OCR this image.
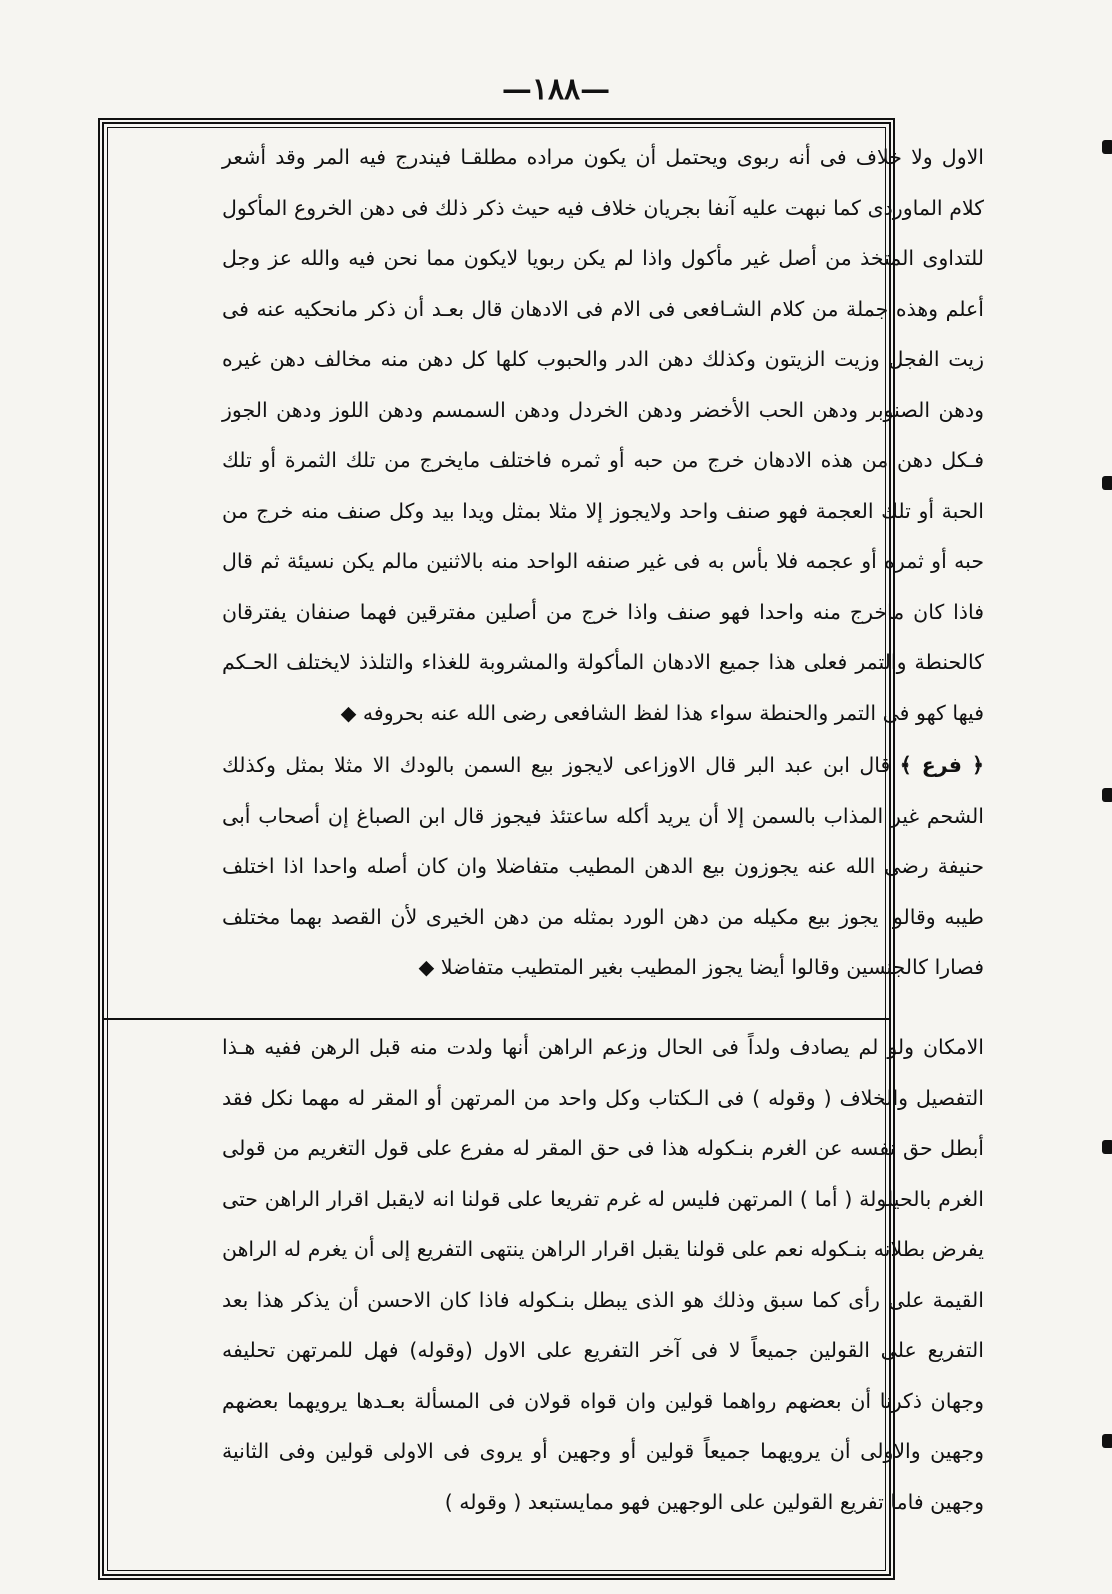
—١٨٨—

الاول ولا خلاف فى أنه ربوى ويحتمل أن يكون مراده مطلقـا فيندرج فيه المر وقد أشعر كلام الماوردى كما نبهت عليه آنفا بجريان خلاف فيه حيث ذكر ذلك فى دهن الخروع المأكول للتداوى المتخذ من أصل غير مأكول واذا لم يكن ربويا لايكون مما نحن فيه والله عز وجل أعلم وهذه جملة من كلام الشـافعى فى الام فى الادهان قال بعـد أن ذكر مانحكيه عنه فى زيت الفجل وزيت الزيتون وكذلك دهن الدر والحبوب كلها كل دهن منه مخالف دهن غيره ودهن الصنوبر ودهن الحب الأخضر ودهن الخردل ودهن السمسم ودهن اللوز ودهن الجوز فـكل دهن من هذه الادهان خرج من حبه أو ثمره فاختلف مايخرج من تلك الثمرة أو تلك الحبة أو تلك العجمة فهو صنف واحد ولايجوز إلا مثلا بمثل ويدا بيد وكل صنف منه خرج من حبه أو ثمره أو عجمه فلا بأس به فى غير صنفه الواحد منه بالاثنين مالم يكن نسيئة ثم قال فاذا كان ماخرج منه واحدا فهو صنف واذا خرج من أصلين مفترقين فهما صنفان يفترقان كالحنطة والتمر فعلى هذا جميع الادهان المأكولة والمشروبة للغذاء والتلذذ لايختلف الحـكم فيها كهو فى التمر والحنطة سواء هذا لفظ الشافعى رضى الله عنه بحروفه ◆

﴿ فرع ﴾ قال ابن عبد البر قال الاوزاعى لايجوز بيع السمن بالودك الا مثلا بمثل وكذلك الشحم غير المذاب بالسمن إلا أن يريد أكله ساعتئذ فيجوز قال ابن الصباغ إن أصحاب أبى حنيفة رضى الله عنه يجوزون بيع الدهن المطيب متفاضلا وان كان أصله واحدا اذا اختلف طيبه وقالوا يجوز بيع مكيله من دهن الورد بمثله من دهن الخيرى لأن القصد بهما مختلف فصارا كالجنسين وقالوا أيضا يجوز المطيب بغير المتطيب متفاضلا ◆

الامكان ولو لم يصادف ولداً فى الحال وزعم الراهن أنها ولدت منه قبل الرهن ففيه هـذا التفصيل والخلاف ( وقوله ) فى الـكتاب وكل واحد من المرتهن أو المقر له مهما نكل فقد أبطل حق نفسه عن الغرم بنـكوله هذا فى حق المقر له مفرع على قول التغريم من قولى الغرم بالحيلولة ( أما ) المرتهن فليس له غرم تفريعا على قولنا انه لايقبل اقرار الراهن حتى يفرض بطلانه بنـكوله نعم على قولنا يقبل اقرار الراهن ينتهى التفريع إلى أن يغرم له الراهن القيمة على رأى كما سبق وذلك هو الذى يبطل بنـكوله فاذا كان الاحسن أن يذكر هذا بعد التفريع على القولين جميعاً لا فى آخر التفريع على الاول (وقوله) فهل للمرتهن تحليفه وجهان ذكرنا أن بعضهم رواهما قولين وان قواه قولان فى المسألة بعـدها يرويهما بعضهم وجهين والاولى أن يرويهما جميعاً قولين أو وجهين أو يروى فى الاولى قولين وفى الثانية وجهين فاما تفريع القولين على الوجهين فهو ممايستبعد ( وقوله )
